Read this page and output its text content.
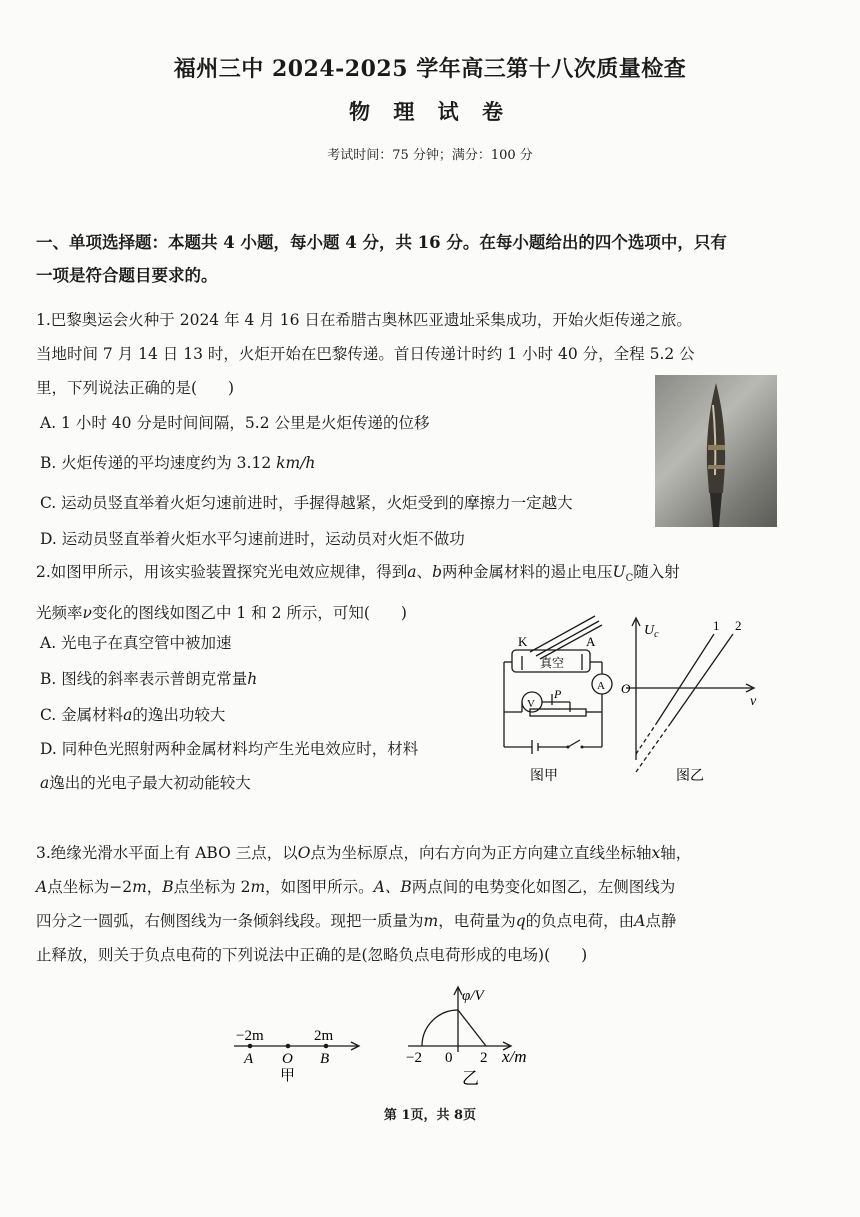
福州三中 2024-2025 学年高三第十八次质量检查
物 理 试 卷
考试时间：75 分钟；满分：100 分
一、单项选择题：本题共 4 小题，每小题 4 分，共 16 分。在每小题给出的四个选项中，只有
一项是符合题目要求的。
1.巴黎奥运会火种于 2024 年 4 月 16 日在希腊古奥林匹亚遗址采集成功，开始火炬传递之旅。
当地时间 7 月 14 日 13 时，火炬开始在巴黎传递。首日传递计时约 1 小时 40 分，全程 5.2 公
里，下列说法正确的是(　　)
A. 1 小时 40 分是时间间隔，5.2 公里是火炬传递的位移
B. 火炬传递的平均速度约为 3.12 km/h
C. 运动员竖直举着火炬匀速前进时，手握得越紧，火炬受到的摩擦力一定越大
D. 运动员竖直举着火炬水平匀速前进时，运动员对火炬不做功
2.如图甲所示，用该实验装置探究光电效应规律，得到a、b两种金属材料的遏止电压$U_C$随入射
光频率ν变化的图线如图乙中 1 和 2 所示，可知(　　)
A. 光电子在真空管中被加速
B. 图线的斜率表示普朗克常量h
C. 金属材料a的逸出功较大
D. 同种色光照射两种金属材料均产生光电效应时，材料
a逸出的光电子最大初动能较大
K	A
真空
V
A
P
图甲
$U_c$
ν
O
1 2
图乙
3.绝缘光滑水平面上有 ABO 三点，以O点为坐标原点，向右方向为正方向建立直线坐标轴x轴，
A点坐标为−2m，B点坐标为 2m，如图甲所示。A、B两点间的电势变化如图乙，左侧图线为
四分之一圆弧，右侧图线为一条倾斜线段。现把一质量为m，电荷量为q的负点电荷，由A点静
止释放，则关于负点电荷的下列说法中正确的是(忽略负点电荷形成的电场)(　　)
−2m	2m
A O B
甲
φ/V
−2 0 2 x/m
乙
第 1页，共 8页
